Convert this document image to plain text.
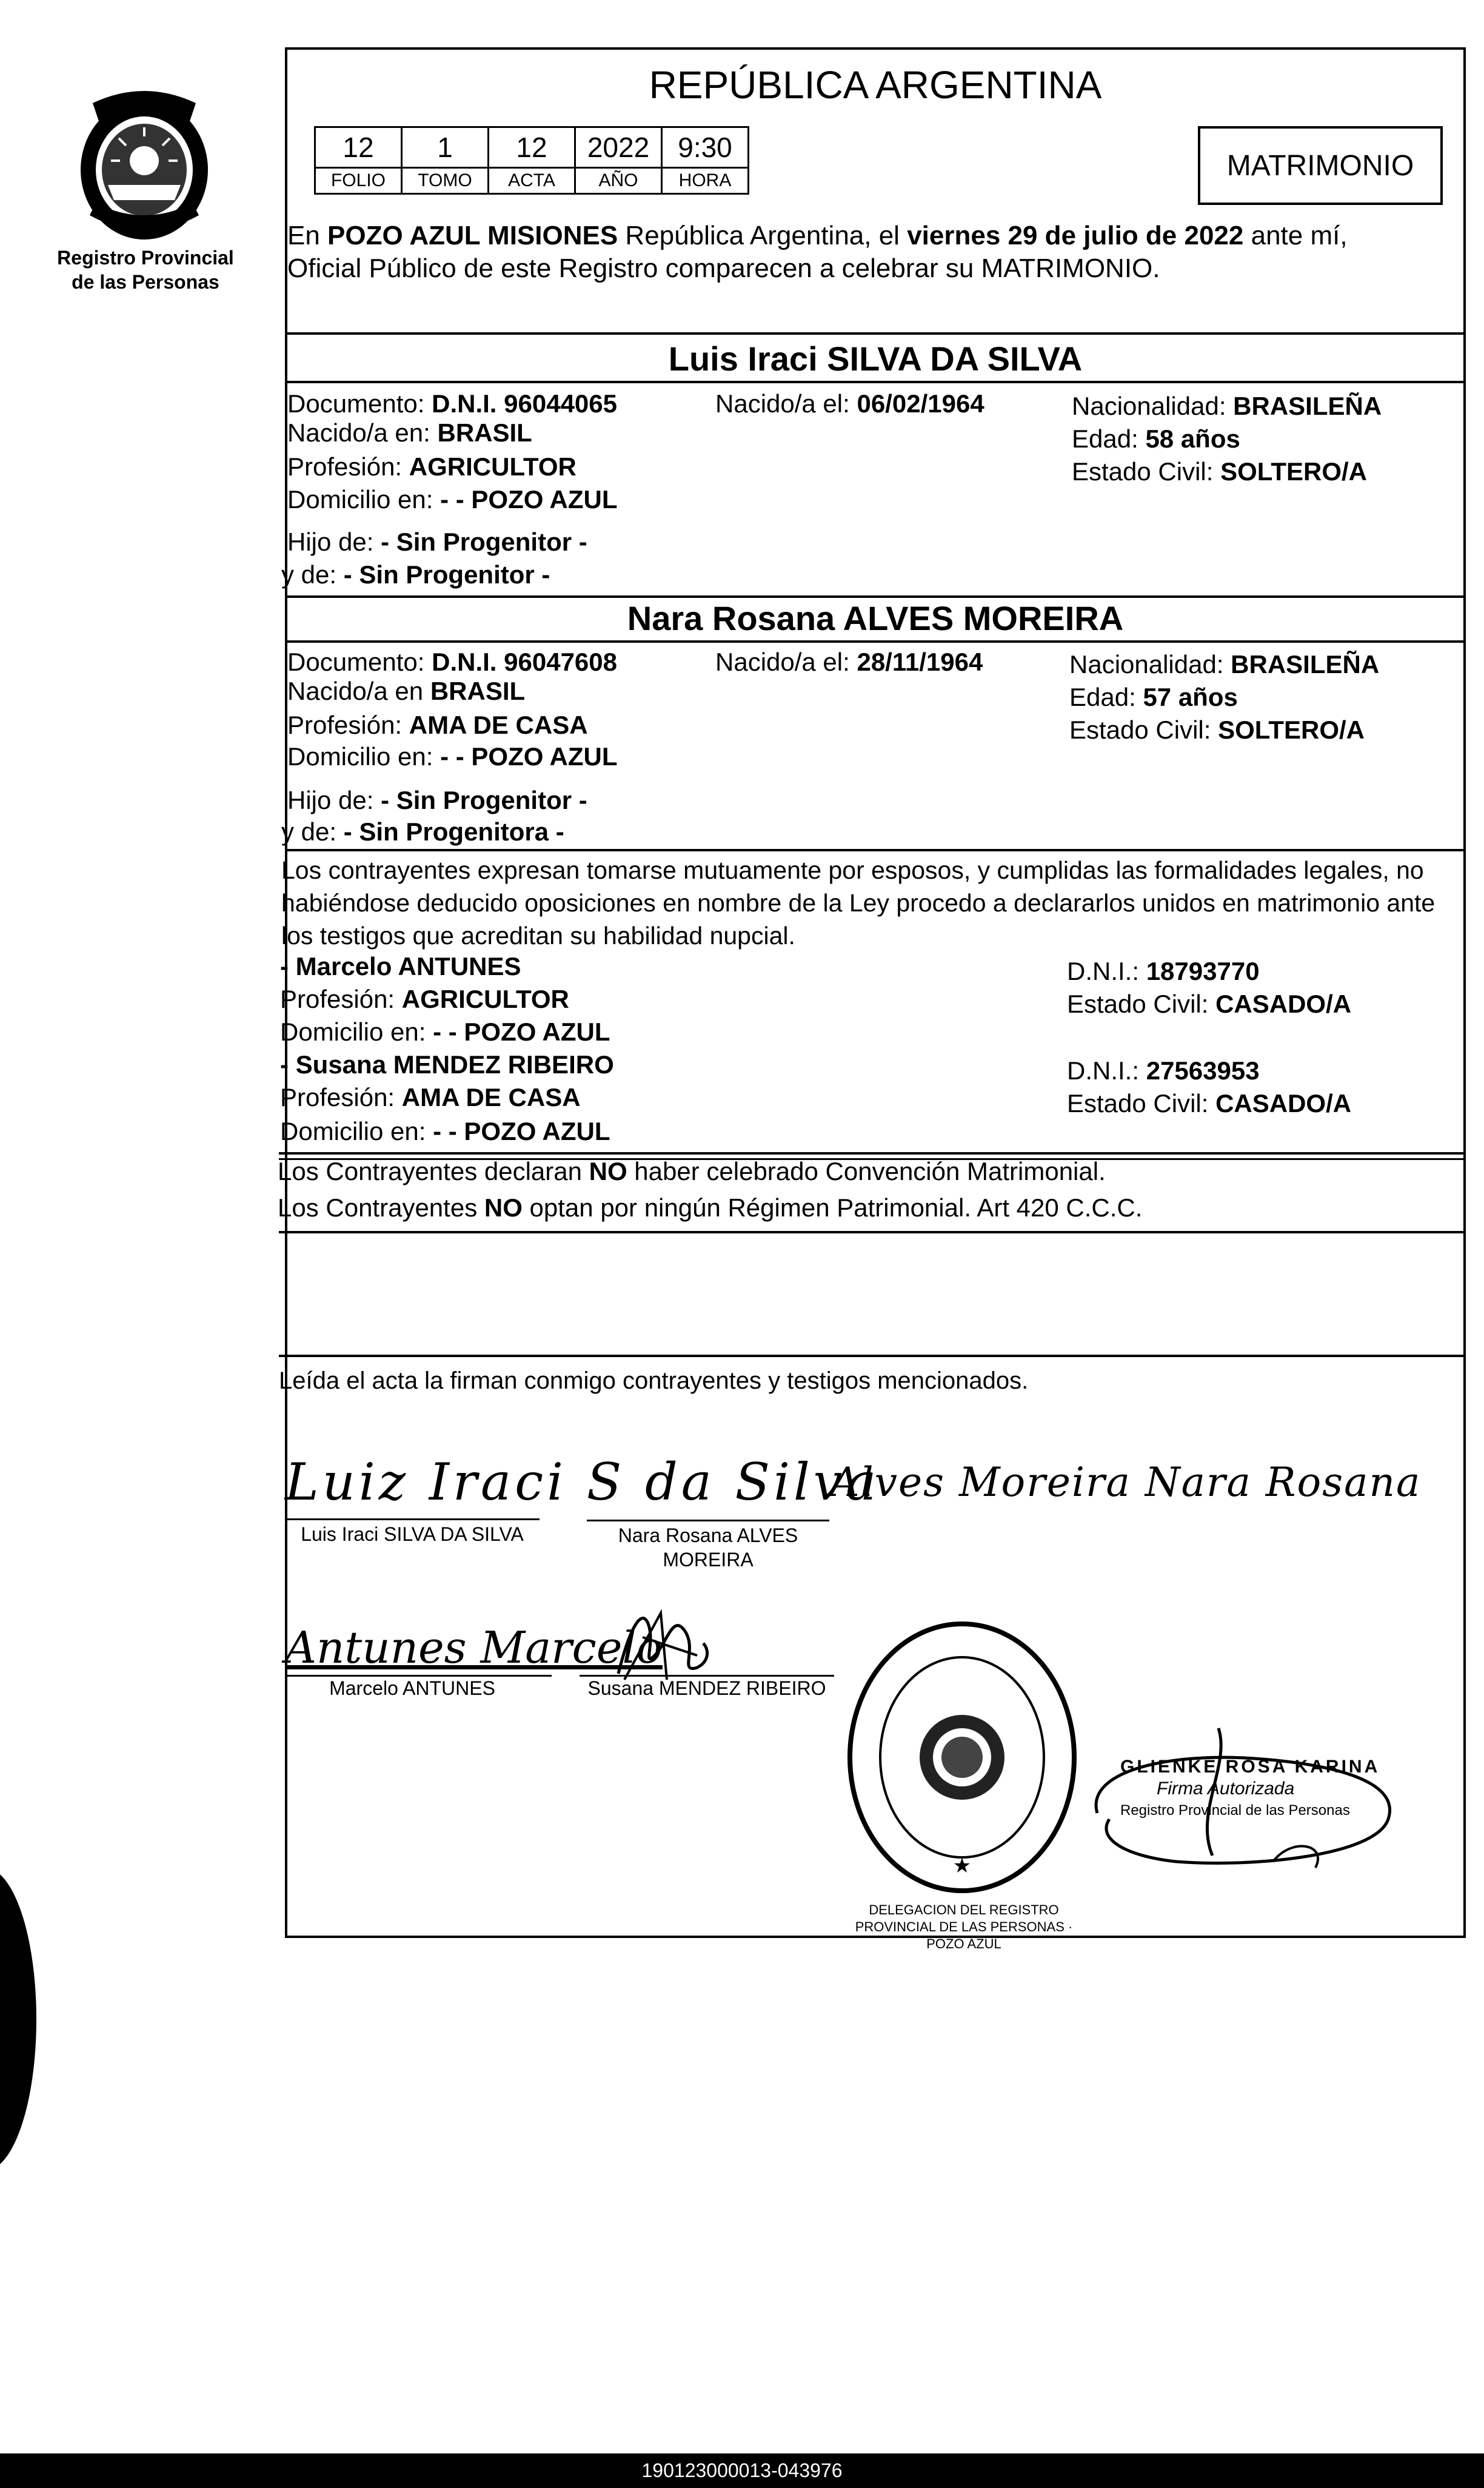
Registro Provincial
de las Personas
REPÚBLICA ARGENTINA
12	1	12	2022	9:30
FOLIO	TOMO	ACTA	AÑO	HORA	MATRIMONIO
En POZO AZUL MISIONES República Argentina, el viernes 29 de julio de 2022 ante mí,
Oficial Público de este Registro comparecen a celebrar su MATRIMONIO.
Luis Iraci SILVA DA SILVA
Documento: D.N.I. 96044065	Nacido/a el: 06/02/1964	Nacionalidad: BRASILEÑA
Nacido/a en: BRASIL	Edad: 58 años
Profesión: AGRICULTOR	Estado Civil: SOLTERO/A
Domicilio en: - - POZO AZUL
Hijo de: - Sin Progenitor -
y de: - Sin Progenitor -
Nara Rosana ALVES MOREIRA
Documento: D.N.I. 96047608	Nacido/a el: 28/11/1964	Nacionalidad: BRASILEÑA
Nacido/a en BRASIL	Edad: 57 años
Profesión: AMA DE CASA	Estado Civil: SOLTERO/A
Domicilio en: - - POZO AZUL
Hijo de: - Sin Progenitor -
y de: - Sin Progenitora -
Los contrayentes expresan tomarse mutuamente por esposos, y cumplidas las formalidades legales, no
habiéndose deducido oposiciones en nombre de la Ley procedo a declararlos unidos en matrimonio ante
los testigos que acreditan su habilidad nupcial.
- Marcelo ANTUNES	D.N.I.: 18793770
Profesión: AGRICULTOR	Estado Civil: CASADO/A
Domicilio en: - - POZO AZUL
- Susana MENDEZ RIBEIRO	D.N.I.: 27563953
Profesión: AMA DE CASA	Estado Civil: CASADO/A
Domicilio en: - - POZO AZUL
Los Contrayentes declaran NO haber celebrado Convención Matrimonial.
Los Contrayentes NO optan por ningún Régimen Patrimonial. Art 420 C.C.C.
Leída el acta la firman conmigo contrayentes y testigos mencionados.
Luiz Iraci S da Silva
Alves Moreira Nara Rosana
Luis Iraci SILVA DA SILVA	Nara Rosana ALVES
MOREIRA
Antunes Marcelo
Marcelo ANTUNES	Susana MENDEZ RIBEIRO
★
DELEGACION DEL REGISTRO PROVINCIAL DE LAS PERSONAS · POZO AZUL
GLIENKE ROSA KARINA
Firma Autorizada
Registro Provincial de las Personas
190123000013-043976
